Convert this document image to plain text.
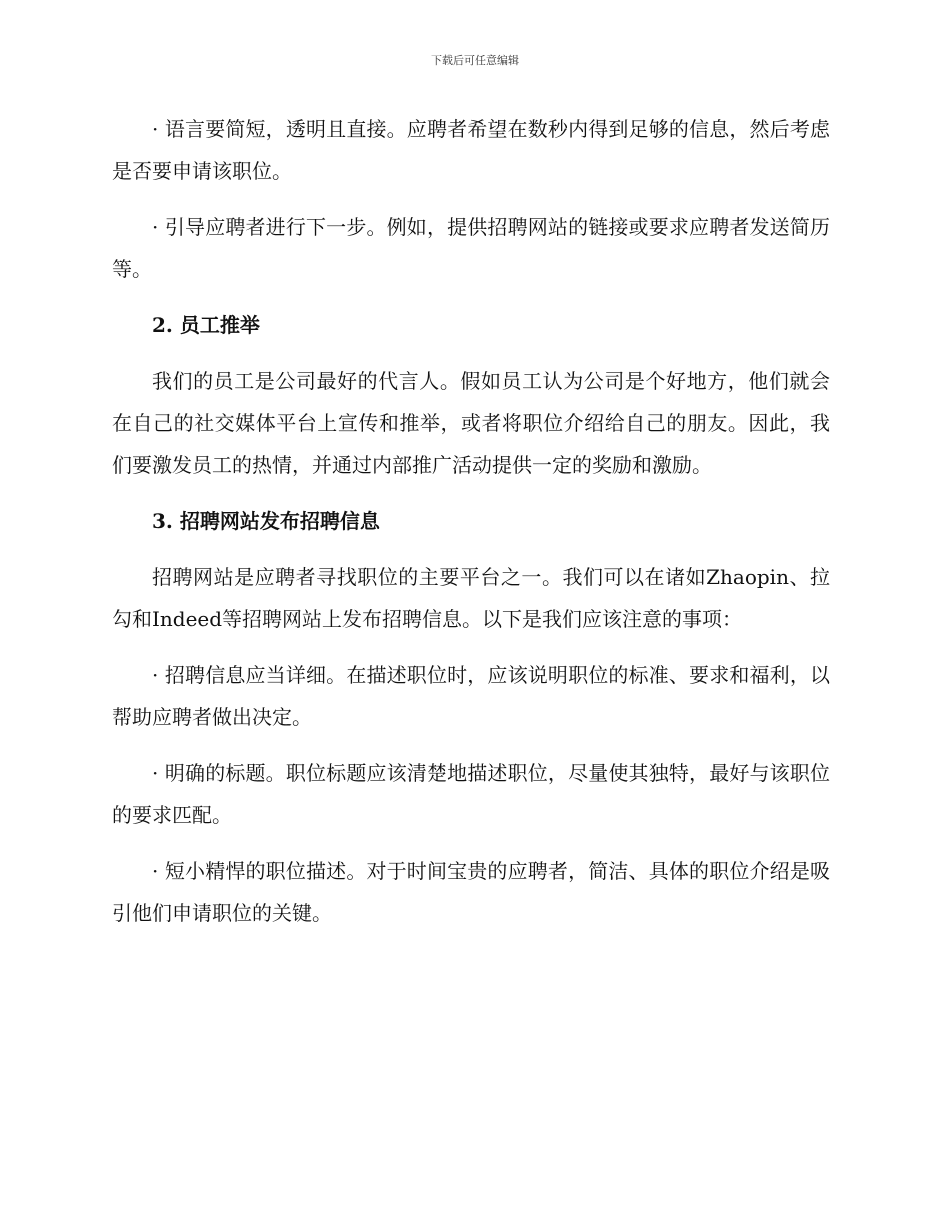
下载后可任意编辑

· 语言要简短，透明且直接。应聘者希望在数秒内得到足够的信息，然后考虑是否要申请该职位。

· 引导应聘者进行下一步。例如，提供招聘网站的链接或要求应聘者发送简历等。

2. 员工推举

我们的员工是公司最好的代言人。假如员工认为公司是个好地方，他们就会在自己的社交媒体平台上宣传和推举，或者将职位介绍给自己的朋友。因此，我们要激发员工的热情，并通过内部推广活动提供一定的奖励和激励。

3. 招聘网站发布招聘信息

招聘网站是应聘者寻找职位的主要平台之一。我们可以在诸如Zhaopin、拉勾和Indeed等招聘网站上发布招聘信息。以下是我们应该注意的事项：

· 招聘信息应当详细。在描述职位时，应该说明职位的标准、要求和福利，以帮助应聘者做出决定。

· 明确的标题。职位标题应该清楚地描述职位，尽量使其独特，最好与该职位的要求匹配。

· 短小精悍的职位描述。对于时间宝贵的应聘者，简洁、具体的职位介绍是吸引他们申请职位的关键。
